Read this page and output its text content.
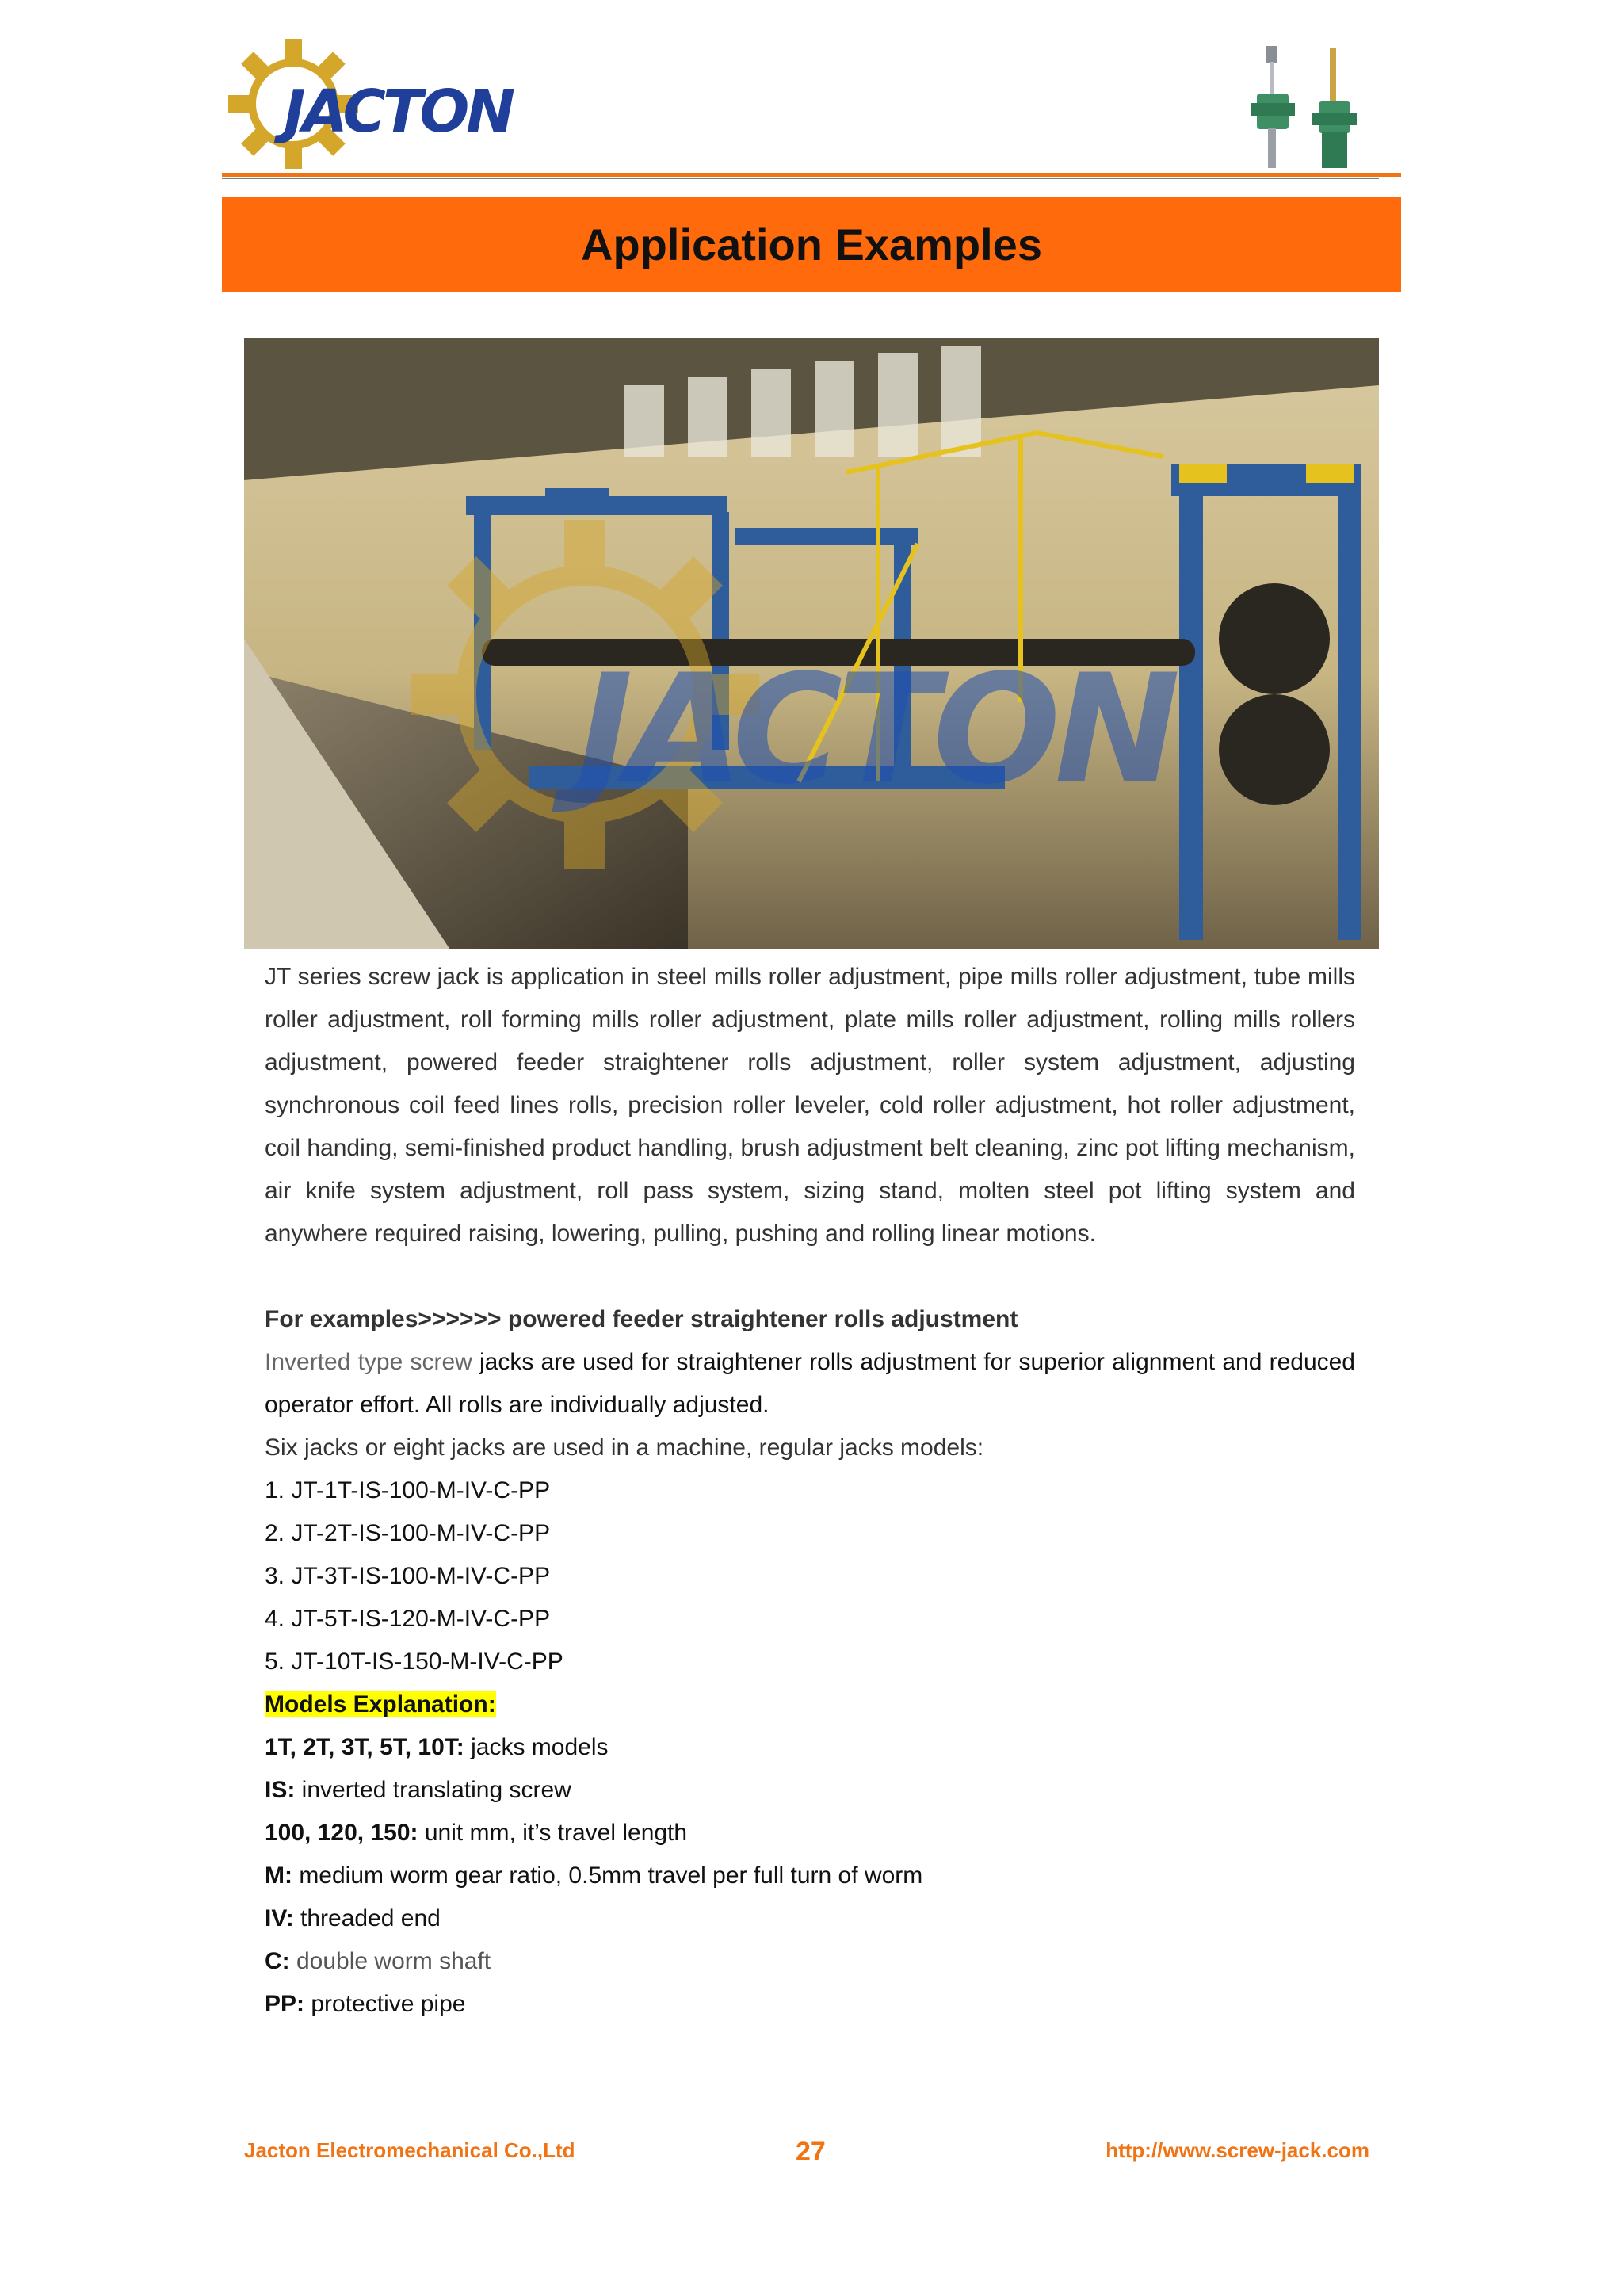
JACTON
Application Examples
JACTON

JT series screw jack is application in steel mills roller adjustment, pipe mills roller adjustment, tube mills roller adjustment, roll forming mills roller adjustment, plate mills roller adjustment, rolling mills rollers adjustment, powered feeder straightener rolls adjustment, roller system adjustment, adjusting synchronous coil feed lines rolls, precision roller leveler, cold roller adjustment, hot roller adjustment, coil handing, semi-finished product handling, brush adjustment belt cleaning, zinc pot lifting mechanism, air knife system adjustment, roll pass system, sizing stand, molten steel pot lifting system and anywhere required raising, lowering, pulling, pushing and rolling linear motions.

For examples>>>>>> powered feeder straightener rolls adjustment

Inverted type screw jacks are used for straightener rolls adjustment for superior alignment and reduced operator effort. All rolls are individually adjusted.

Six jacks or eight jacks are used in a machine, regular jacks models:

1. JT-1T-IS-100-M-IV-C-PP

2. JT-2T-IS-100-M-IV-C-PP

3. JT-3T-IS-100-M-IV-C-PP

4. JT-5T-IS-120-M-IV-C-PP

5. JT-10T-IS-150-M-IV-C-PP

Models Explanation:

1T, 2T, 3T, 5T, 10T: jacks models

IS: inverted translating screw

100, 120, 150: unit mm, it’s travel length

M: medium worm gear ratio, 0.5mm travel per full turn of worm

IV: threaded end

C: double worm shaft

PP: protective pipe

Jacton Electromechanical Co.,Ltd	27	http://www.screw-jack.com
